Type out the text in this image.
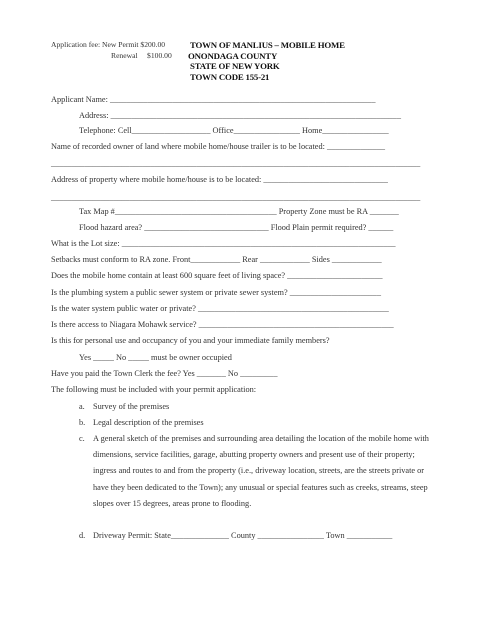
Application fee: New Permit $200.00
Renewal     $100.00
TOWN OF MANLIUS – MOBILE HOME
ONONDAGA COUNTY
STATE OF NEW YORK
TOWN CODE 155-21
Applicant Name: ________________________________________________________________
Address: ______________________________________________________________________
Telephone: Cell___________________ Office________________ Home________________
Name of recorded owner of land where mobile home/house trailer is to be located: ______________
_________________________________________________________________________________________
Address of property where mobile home/house is to be located: ______________________________
_________________________________________________________________________________________
Tax Map #_______________________________________ Property Zone must be RA _______
Flood hazard area? ______________________________ Flood Plain permit required? ______
What is the Lot size: __________________________________________________________________
Setbacks must conform to RA zone. Front____________ Rear ____________ Sides ____________
Does the mobile home contain at least 600 square feet of living space? _______________________
Is the plumbing system a public sewer system or private sewer system? ______________________
Is the water system public water or private? ______________________________________________
Is there access to Niagara Mohawk service? _______________________________________________
Is this for personal use and occupancy of you and your immediate family members?
Yes _____ No _____ must be owner occupied
Have you paid the Town Clerk the fee? Yes _______ No _________
The following must be included with your permit application:
a. Survey of the premises
b. Legal description of the premises
c. A general sketch of the premises and surrounding area detailing the location of the mobile home with dimensions, service facilities, garage, abutting property owners and present use of their property; ingress and routes to and from the property (i.e., driveway location, streets, are the streets private or have they been dedicated to the Town); any unusual or special features such as creeks, streams, steep slopes over 15 degrees, areas prone to flooding.
d. Driveway Permit: State______________ County ________________ Town ___________
